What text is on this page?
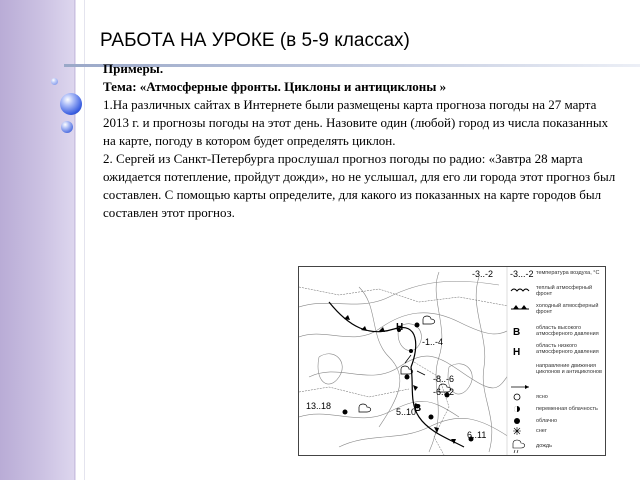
РАБОТА НА УРОКЕ (в 5-9 классах)

Примеры.

Тема: «Атмосферные фронты. Циклоны и антициклоны »

1.На различных сайтах в Интернете были размещены карта прогноза погоды на 27 марта 2013 г. и прогнозы погоды на этот день. Назовите один (любой) город из числа показанных на карте, погоду в котором будет определять циклон.

2. Сергей из Санкт-Петербурга прослушал прогноз погоды по радио: «Завтра 28 марта ожидается потепление, пройдут дожди», но не услышал, для его ли города этот прогноз был составлен. С помощью карты определите, для какого из показанных на карте городов был составлен этот прогноз.

Н
В
-3..-2
-1..-4
-8..-6
-6..-2
13..18
5..10
6..11
-3...-2 температура воздуха, °С
теплый атмосферный фронт
холодный атмосферный фронт
В	область высокого атмосферного давления
Н
область низкого атмосферного давления
направление движения циклонов и антициклонов
ясно
переменная облачность
облачно
снег
дождь
